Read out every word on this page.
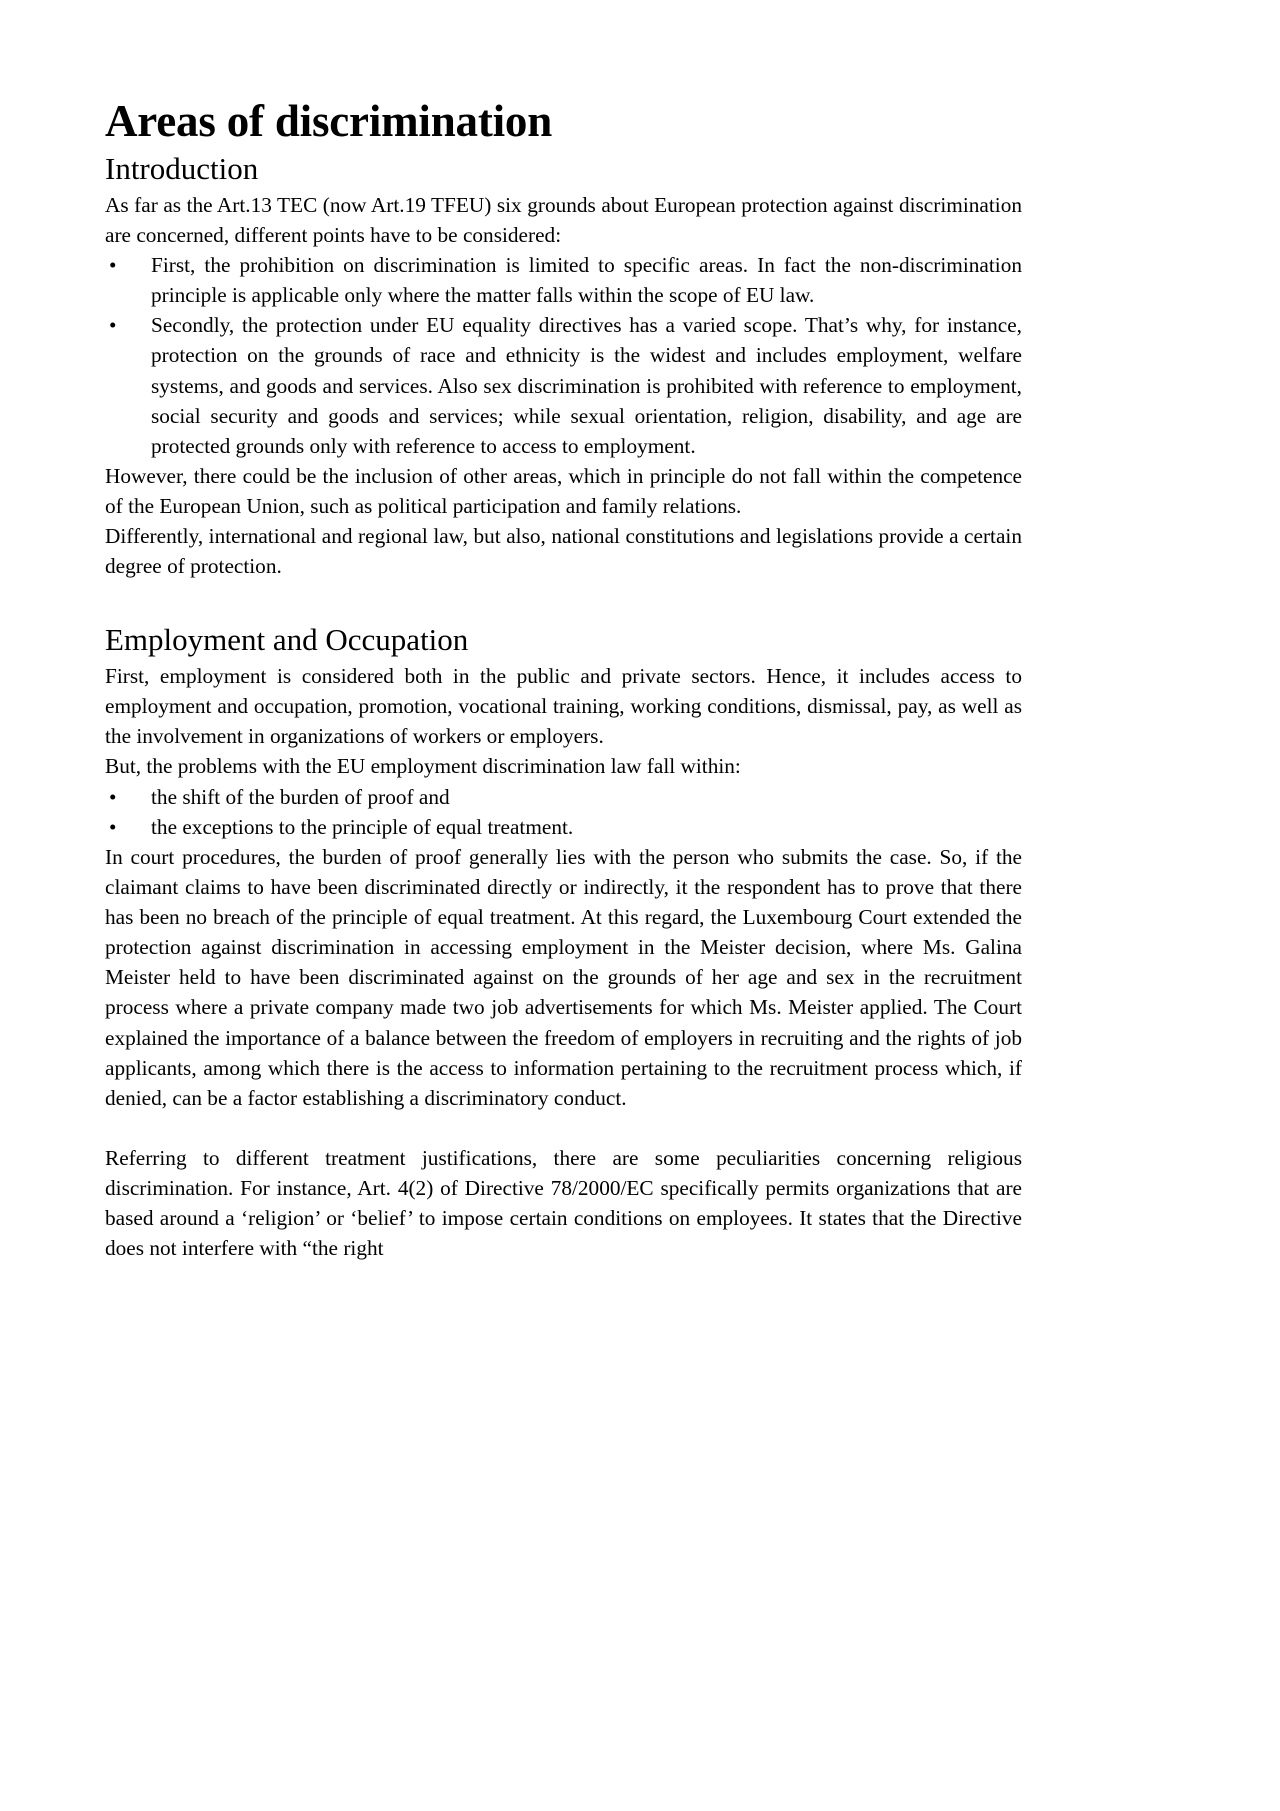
Areas of discrimination
Introduction

As far as the Art.13 TEC (now Art.19 TFEU) six grounds about European protection against discrimination are concerned, different points have to be considered:

• First, the prohibition on discrimination is limited to specific areas. In fact the non-discrimination principle is applicable only where the matter falls within the scope of EU law.
• Secondly, the protection under EU equality directives has a varied scope. That’s why, for instance, protection on the grounds of race and ethnicity is the widest and includes employment, welfare systems, and goods and services. Also sex discrimination is prohibited with reference to employment, social security and goods and services; while sexual orientation, religion, disability, and age are protected grounds only with reference to access to employment.

However, there could be the inclusion of other areas, which in principle do not fall within the competence of the European Union, such as political participation and family relations.

Differently, international and regional law, but also, national constitutions and legislations provide a certain degree of protection.

Employment and Occupation

First, employment is considered both in the public and private sectors. Hence, it includes access to employment and occupation, promotion, vocational training, working conditions, dismissal, pay, as well as the involvement in organizations of workers or employers.

But, the problems with the EU employment discrimination law fall within:

• the shift of the burden of proof and
• the exceptions to the principle of equal treatment.

In court procedures, the burden of proof generally lies with the person who submits the case. So, if the claimant claims to have been discriminated directly or indirectly, it the respondent has to prove that there has been no breach of the principle of equal treatment. At this regard, the Luxembourg Court extended the protection against discrimination in accessing employment in the Meister decision, where Ms. Galina Meister held to have been discriminated against on the grounds of her age and sex in the recruitment process where a private company made two job advertisements for which Ms. Meister applied. The Court explained the importance of a balance between the freedom of employers in recruiting and the rights of job applicants, among which there is the access to information pertaining to the recruitment process which, if denied, can be a factor establishing a discriminatory conduct.

Referring to different treatment justifications, there are some peculiarities concerning religious discrimination. For instance, Art. 4(2) of Directive 78/2000/EC specifically permits organizations that are based around a ‘religion’ or ‘belief’ to impose certain conditions on employees. It states that the Directive does not interfere with “the right
